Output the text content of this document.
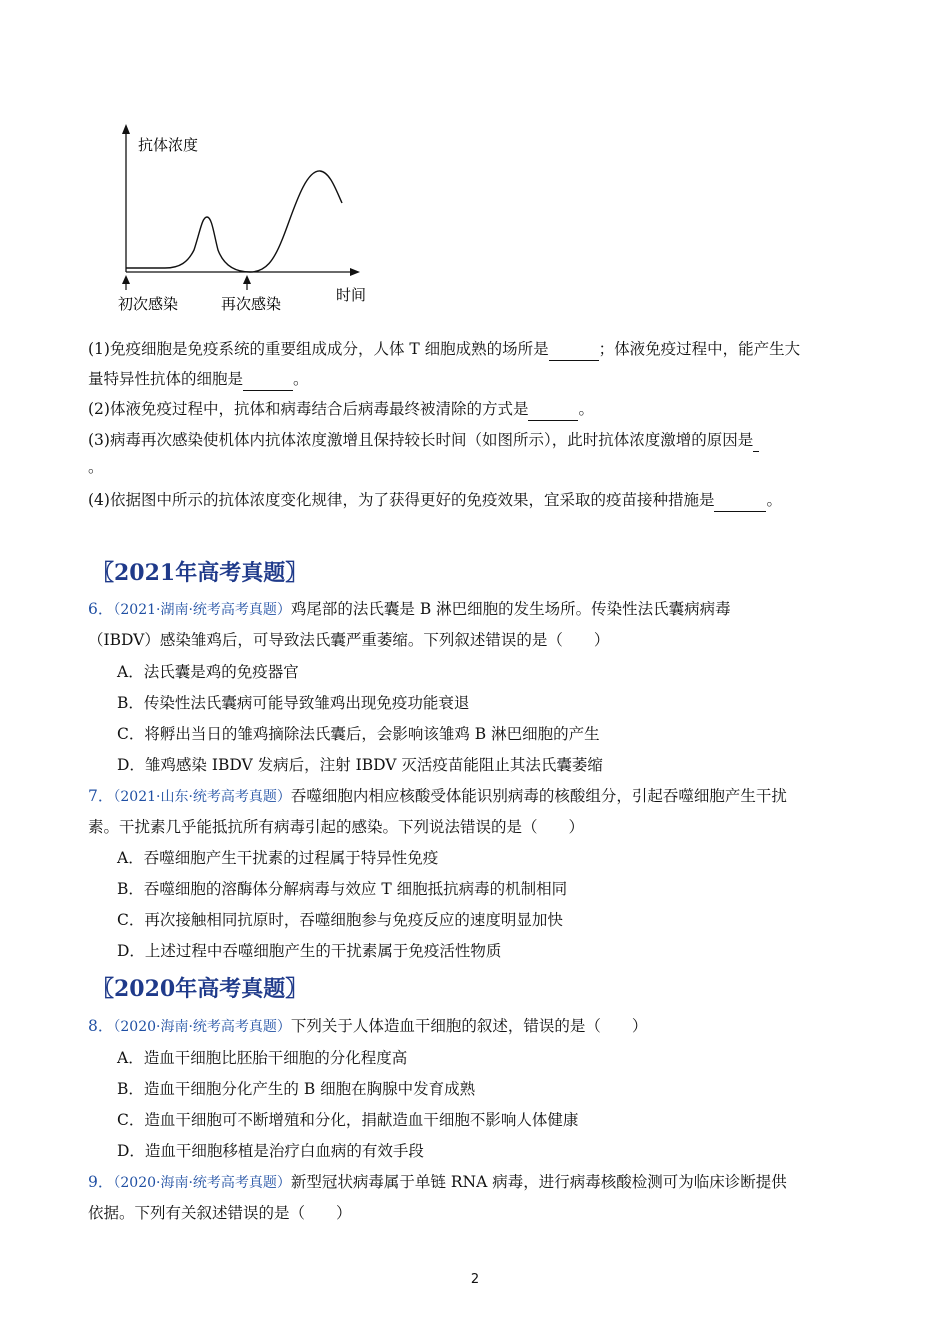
抗体浓度
时间
初次感染	再次感染
(1)免疫细胞是免疫系统的重要组成成分，人体 T 细胞成熟的场所是	；体液免疫过程中，能产生大
量特异性抗体的细胞是	。
(2)体液免疫过程中，抗体和病毒结合后病毒最终被清除的方式是	。
(3)病毒再次感染使机体内抗体浓度激增且保持较长时间（如图所示），此时抗体浓度激增的原因是
。
(4)依据图中所示的抗体浓度变化规律，为了获得更好的免疫效果，宜采取的疫苗接种措施是	。
〖2021年高考真题〗
6．（2021·湖南·统考高考真题）鸡尾部的法氏囊是 B 淋巴细胞的发生场所。传染性法氏囊病病毒
（IBDV）感染雏鸡后，可导致法氏囊严重萎缩。下列叙述错误的是（　　）
A．法氏囊是鸡的免疫器官
B．传染性法氏囊病可能导致雏鸡出现免疫功能衰退
C．将孵出当日的雏鸡摘除法氏囊后，会影响该雏鸡 B 淋巴细胞的产生
D．雏鸡感染 IBDV 发病后，注射 IBDV 灭活疫苗能阻止其法氏囊萎缩
7．（2021·山东·统考高考真题）吞噬细胞内相应核酸受体能识别病毒的核酸组分，引起吞噬细胞产生干扰
素。干扰素几乎能抵抗所有病毒引起的感染。下列说法错误的是（　　）
A．吞噬细胞产生干扰素的过程属于特异性免疫
B．吞噬细胞的溶酶体分解病毒与效应 T 细胞抵抗病毒的机制相同
C．再次接触相同抗原时，吞噬细胞参与免疫反应的速度明显加快
D．上述过程中吞噬细胞产生的干扰素属于免疫活性物质
〖2020年高考真题〗
8．（2020·海南·统考高考真题）下列关于人体造血干细胞的叙述，错误的是（　　）
A．造血干细胞比胚胎干细胞的分化程度高
B．造血干细胞分化产生的 B 细胞在胸腺中发育成熟
C．造血干细胞可不断增殖和分化，捐献造血干细胞不影响人体健康
D．造血干细胞移植是治疗白血病的有效手段
9．（2020·海南·统考高考真题）新型冠状病毒属于单链 RNA 病毒，进行病毒核酸检测可为临床诊断提供
依据。下列有关叙述错误的是（　　）
2
